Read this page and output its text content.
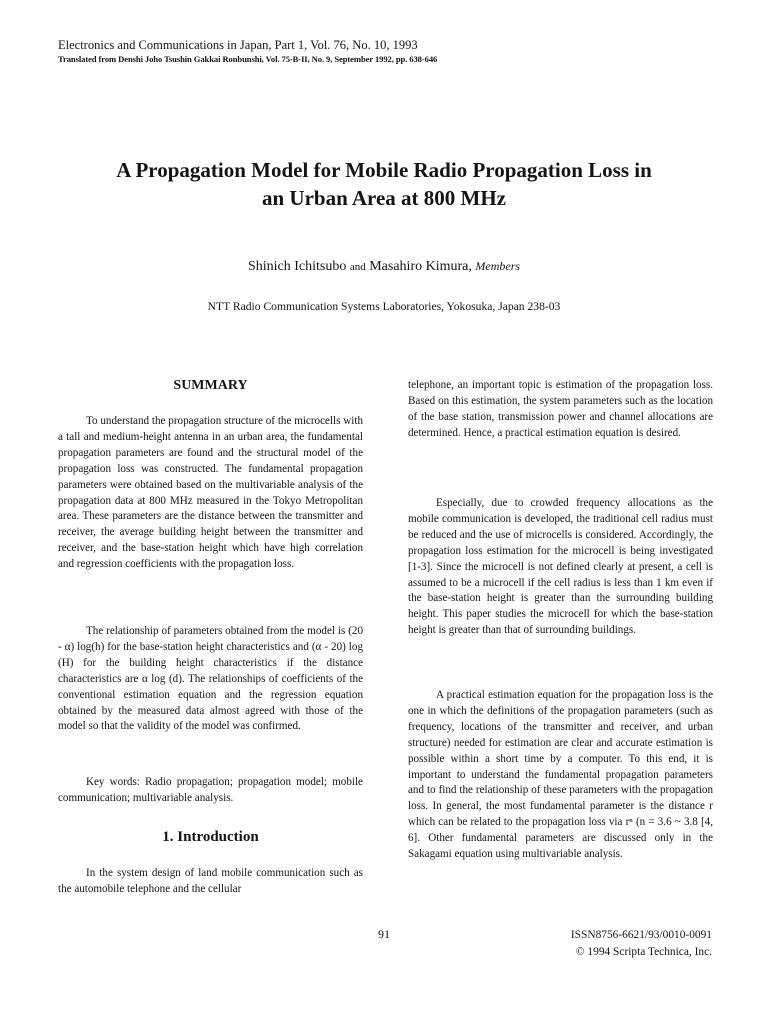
Electronics and Communications in Japan, Part 1, Vol. 76, No. 10, 1993
Translated from Denshi Joho Tsushin Gakkai Ronbunshi, Vol. 75-B-II, No. 9, September 1992, pp. 638-646
A Propagation Model for Mobile Radio Propagation Loss in
an Urban Area at 800 MHz
Shinich Ichitsubo and Masahiro Kimura, Members
NTT Radio Communication Systems Laboratories, Yokosuka, Japan 238-03
SUMMARY

To understand the propagation structure of the microcells with a tall and medium-height antenna in an urban area, the fundamental propagation parameters are found and the structural model of the propagation loss was constructed. The fundamental propagation parameters were obtained based on the multivariable analysis of the propagation data at 800 MHz measured in the Tokyo Metropolitan area. These parameters are the distance between the transmitter and receiver, the average building height between the transmitter and receiver, and the base-station height which have high correlation and regression coefficients with the propagation loss.

The relationship of parameters obtained from the model is (20 - α) log(h) for the base-station height characteristics and (α - 20) log (H) for the building height characteristics if the distance characteristics are α log (d). The relationships of coefficients of the conventional estimation equation and the regression equation obtained by the measured data almost agreed with those of the model so that the validity of the model was confirmed.

Key words: Radio propagation; propagation model; mobile communication; multivariable analysis.

1. Introduction

In the system design of land mobile communication such as the automobile telephone and the cellular

telephone, an important topic is estimation of the propagation loss. Based on this estimation, the system parameters such as the location of the base station, transmission power and channel allocations are determined. Hence, a practical estimation equation is desired.

Especially, due to crowded frequency allocations as the mobile communication is developed, the traditional cell radius must be reduced and the use of microcells is considered. Accordingly, the propagation loss estimation for the microcell is being investigated [1-3]. Since the microcell is not defined clearly at present, a cell is assumed to be a microcell if the cell radius is less than 1 km even if the base-station height is greater than the surrounding building height. This paper studies the microcell for which the base-station height is greater than that of surrounding buildings.

A practical estimation equation for the propagation loss is the one in which the definitions of the propagation parameters (such as frequency, locations of the transmitter and receiver, and urban structure) needed for estimation are clear and accurate estimation is possible within a short time by a computer. To this end, it is important to understand the fundamental propagation parameters and to find the relationship of these parameters with the propagation loss. In general, the most fundamental parameter is the distance r which can be related to the propagation loss via rⁿ (n = 3.6 ~ 3.8 [4, 6]. Other fundamental parameters are discussed only in the Sakagami equation using multivariable analysis.

91	ISSN8756-6621/93/0010-0091
© 1994 Scripta Technica, Inc.
